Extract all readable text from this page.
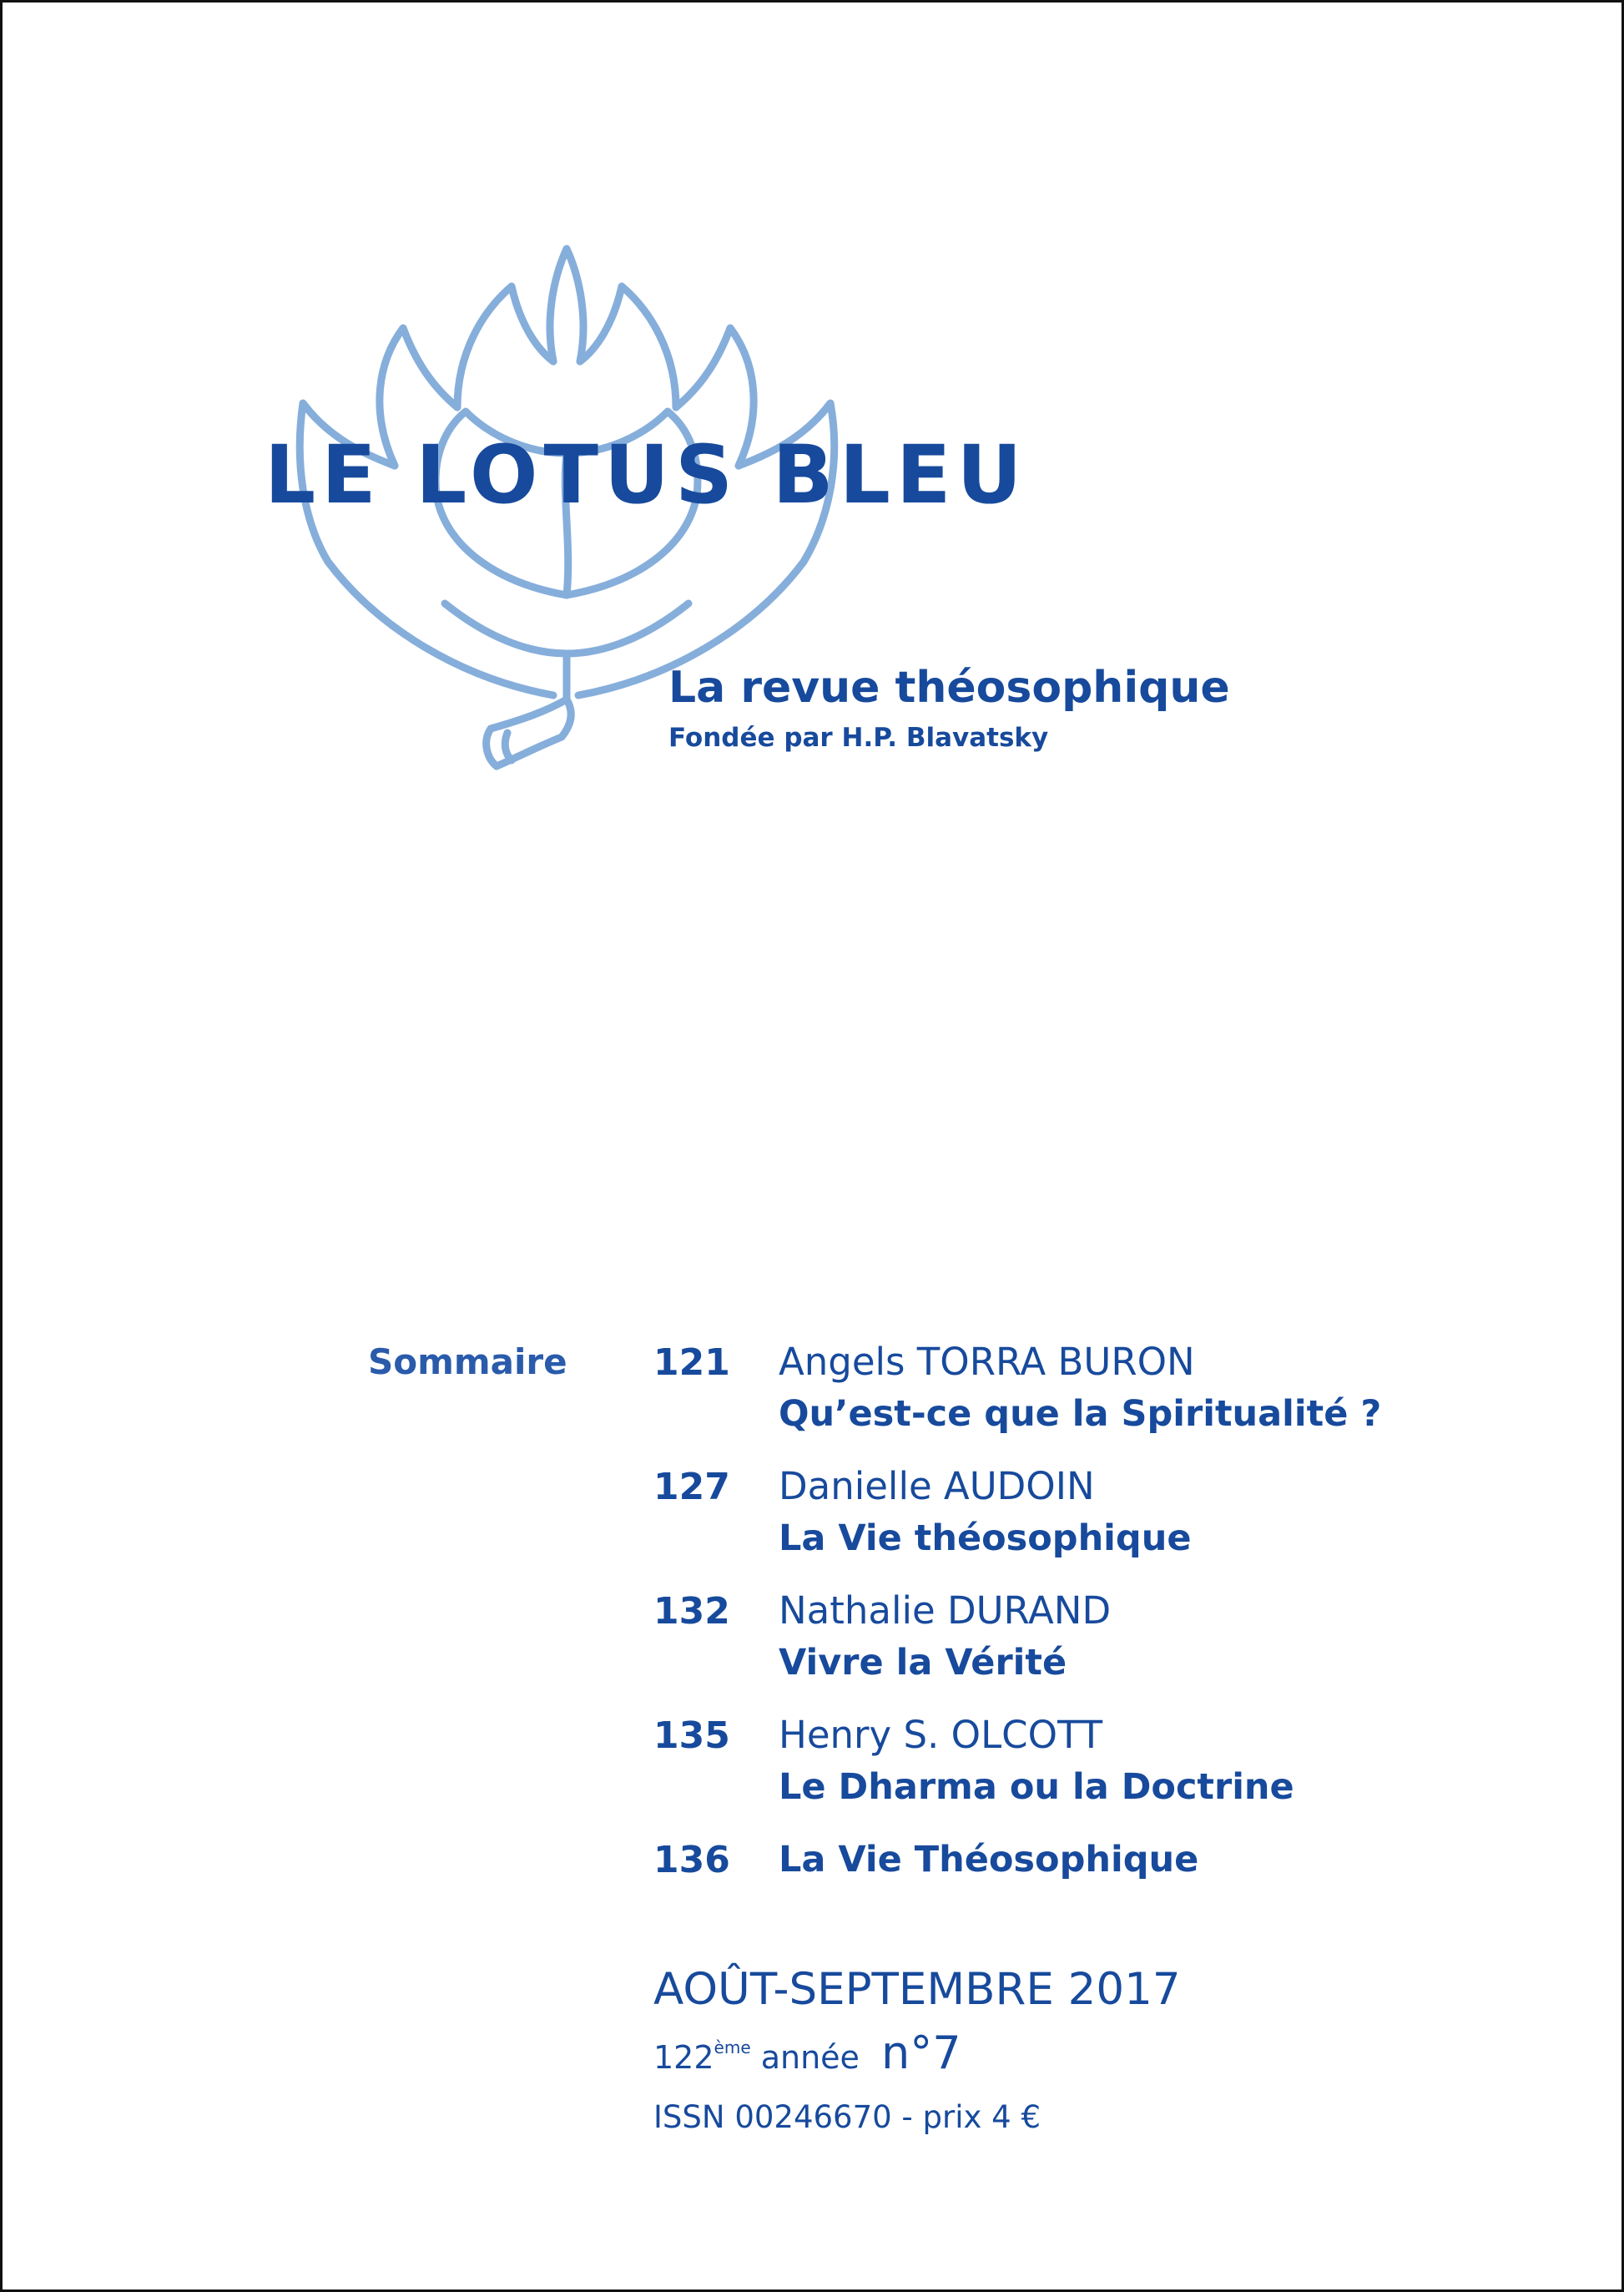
LE LOTUS BLEU
La revue théosophique
Fondée par H.P. Blavatsky
Sommaire 121 Angels TORRA BURON
Qu’est-ce que la Spiritualité ?
127 Danielle AUDOIN
La Vie théosophique
132 Nathalie DURAND
Vivre la Vérité
135 Henry S. OLCOTT
Le Dharma ou la Doctrine
136 La Vie Théosophique
AOÛT-SEPTEMBRE 2017
122ème année n°7
ISSN 00246670 - prix 4 €
